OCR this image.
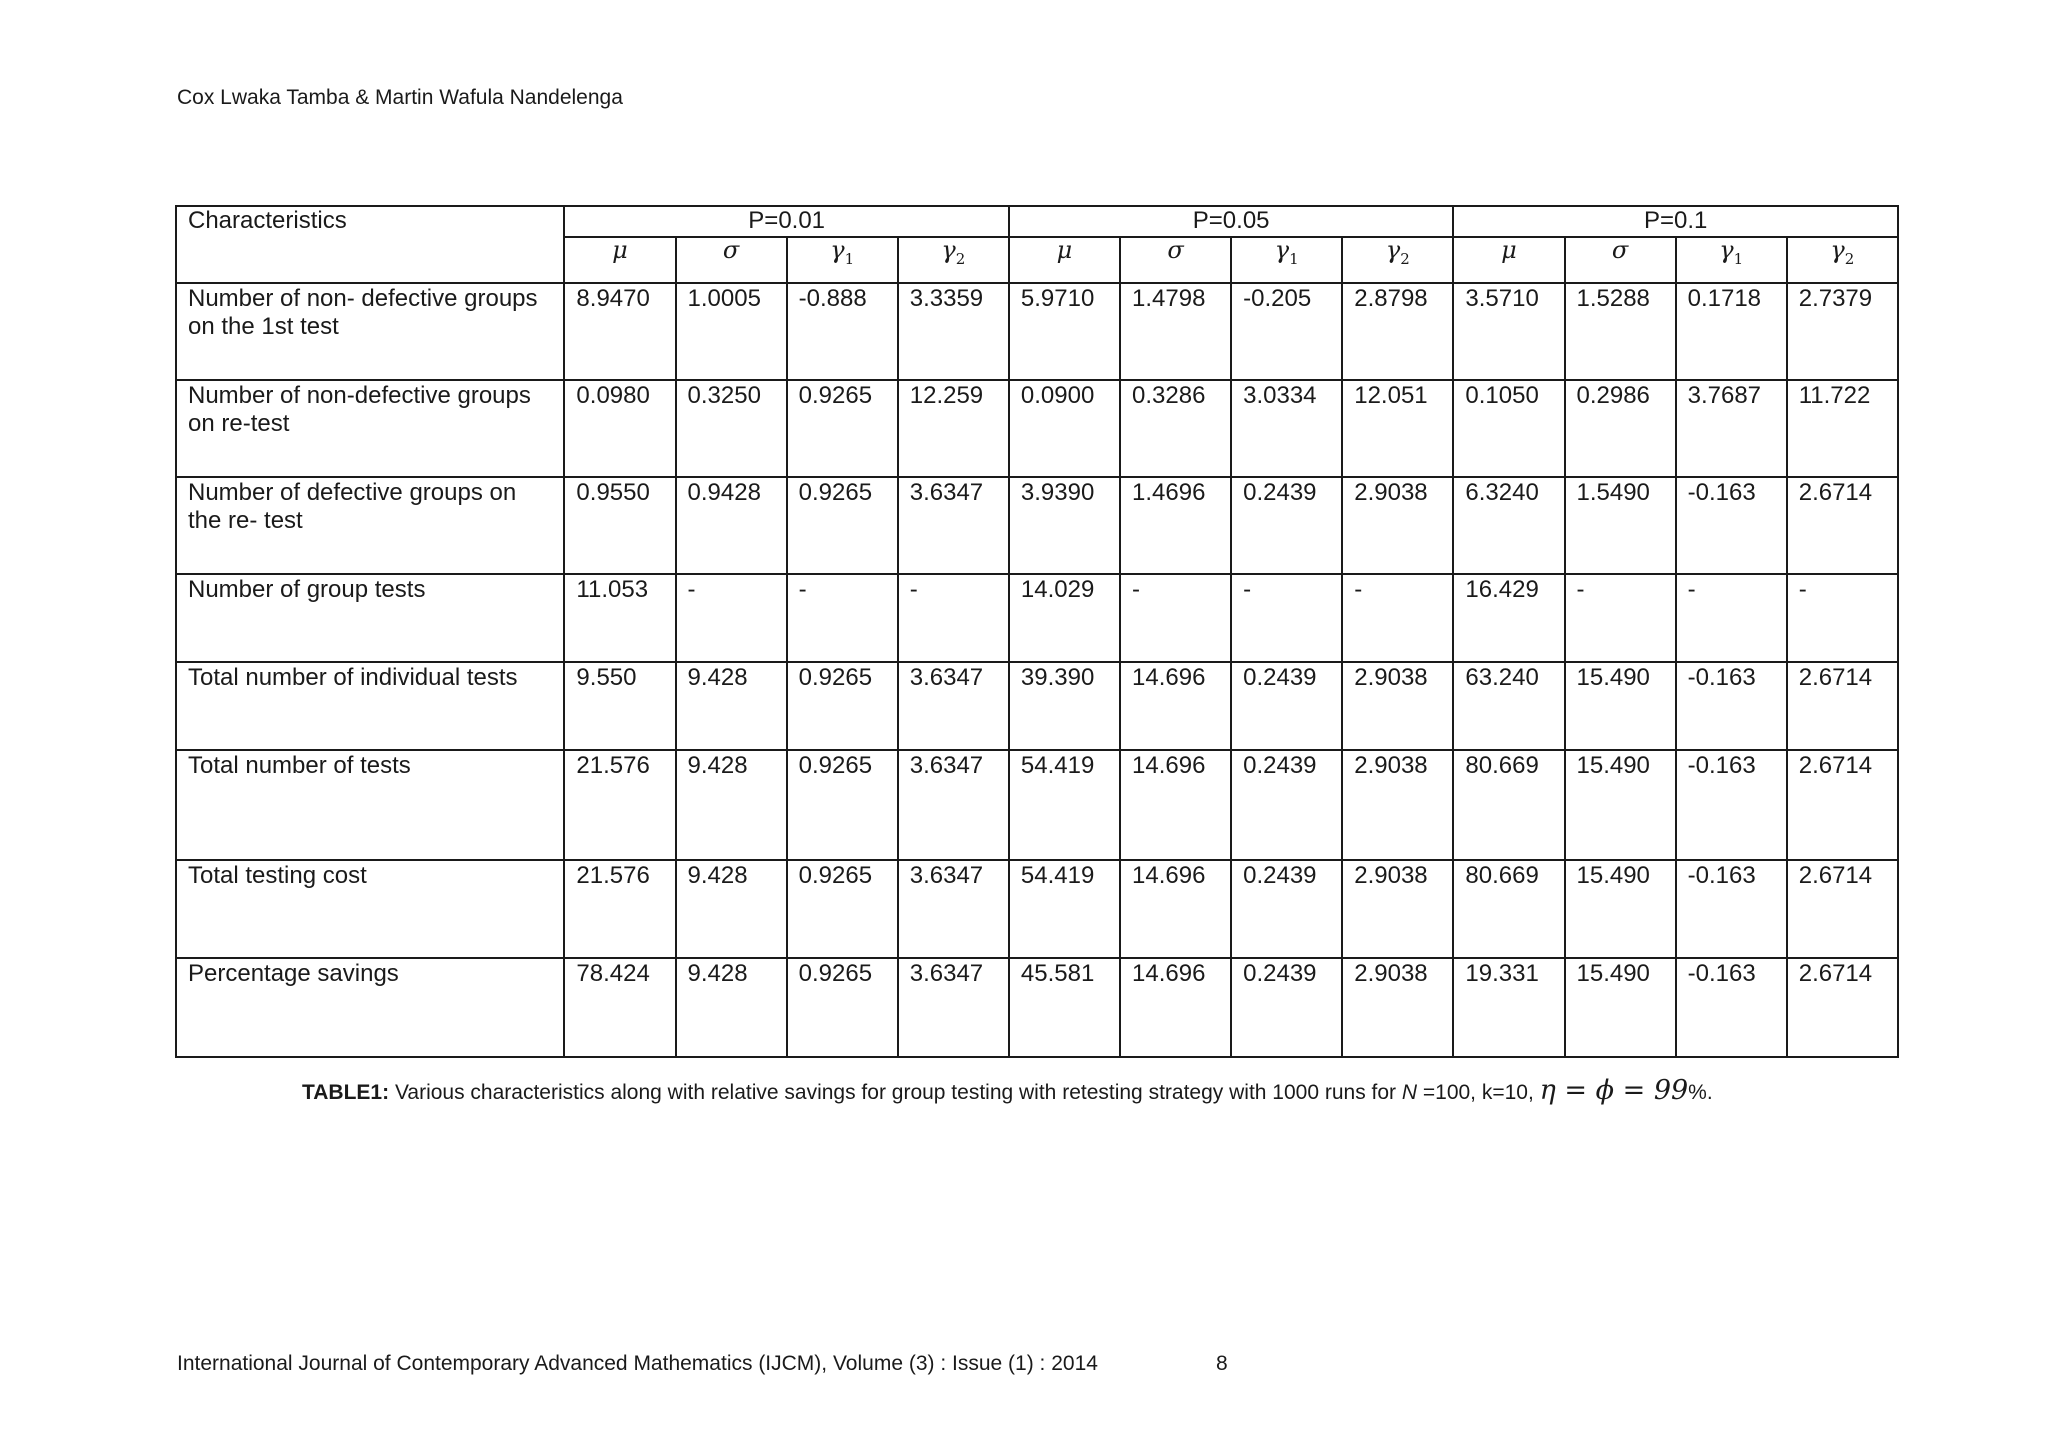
Cox Lwaka Tamba & Martin Wafula Nandelenga
Characteristics	P=0.01				P=0.05				P=0.1			
	μ	σ	$\gamma_1$	$\gamma_2$	μ	σ	$\gamma_1$	$\gamma_2$	μ	σ	$\gamma_1$	$\gamma_2$
Number of non- defective groups on the 1st test	8.9470	1.0005	-0.888	3.3359	5.9710	1.4798	-0.205	2.8798	3.5710	1.5288	0.1718	2.7379
Number of non-defective groups on re-test	0.0980	0.3250	0.9265	12.259	0.0900	0.3286	3.0334	12.051	0.1050	0.2986	3.7687	11.722
Number of defective groups on the re- test	0.9550	0.9428	0.9265	3.6347	3.9390	1.4696	0.2439	2.9038	6.3240	1.5490	-0.163	2.6714
Number of group tests	11.053	-	-	-	14.029	-	-	-	16.429	-	-	-
Total number of individual tests	9.550	9.428	0.9265	3.6347	39.390	14.696	0.2439	2.9038	63.240	15.490	-0.163	2.6714
Total number of tests	21.576	9.428	0.9265	3.6347	54.419	14.696	0.2439	2.9038	80.669	15.490	-0.163	2.6714
Total testing cost	21.576	9.428	0.9265	3.6347	54.419	14.696	0.2439	2.9038	80.669	15.490	-0.163	2.6714
Percentage savings	78.424	9.428	0.9265	3.6347	45.581	14.696	0.2439	2.9038	19.331	15.490	-0.163	2.6714
TABLE1: Various characteristics along with relative savings for group testing with retesting strategy with 1000 runs for N =100, k=10, η = ϕ = 99%.
International Journal of Contemporary Advanced Mathematics (IJCM), Volume (3) : Issue (1) : 2014	8
